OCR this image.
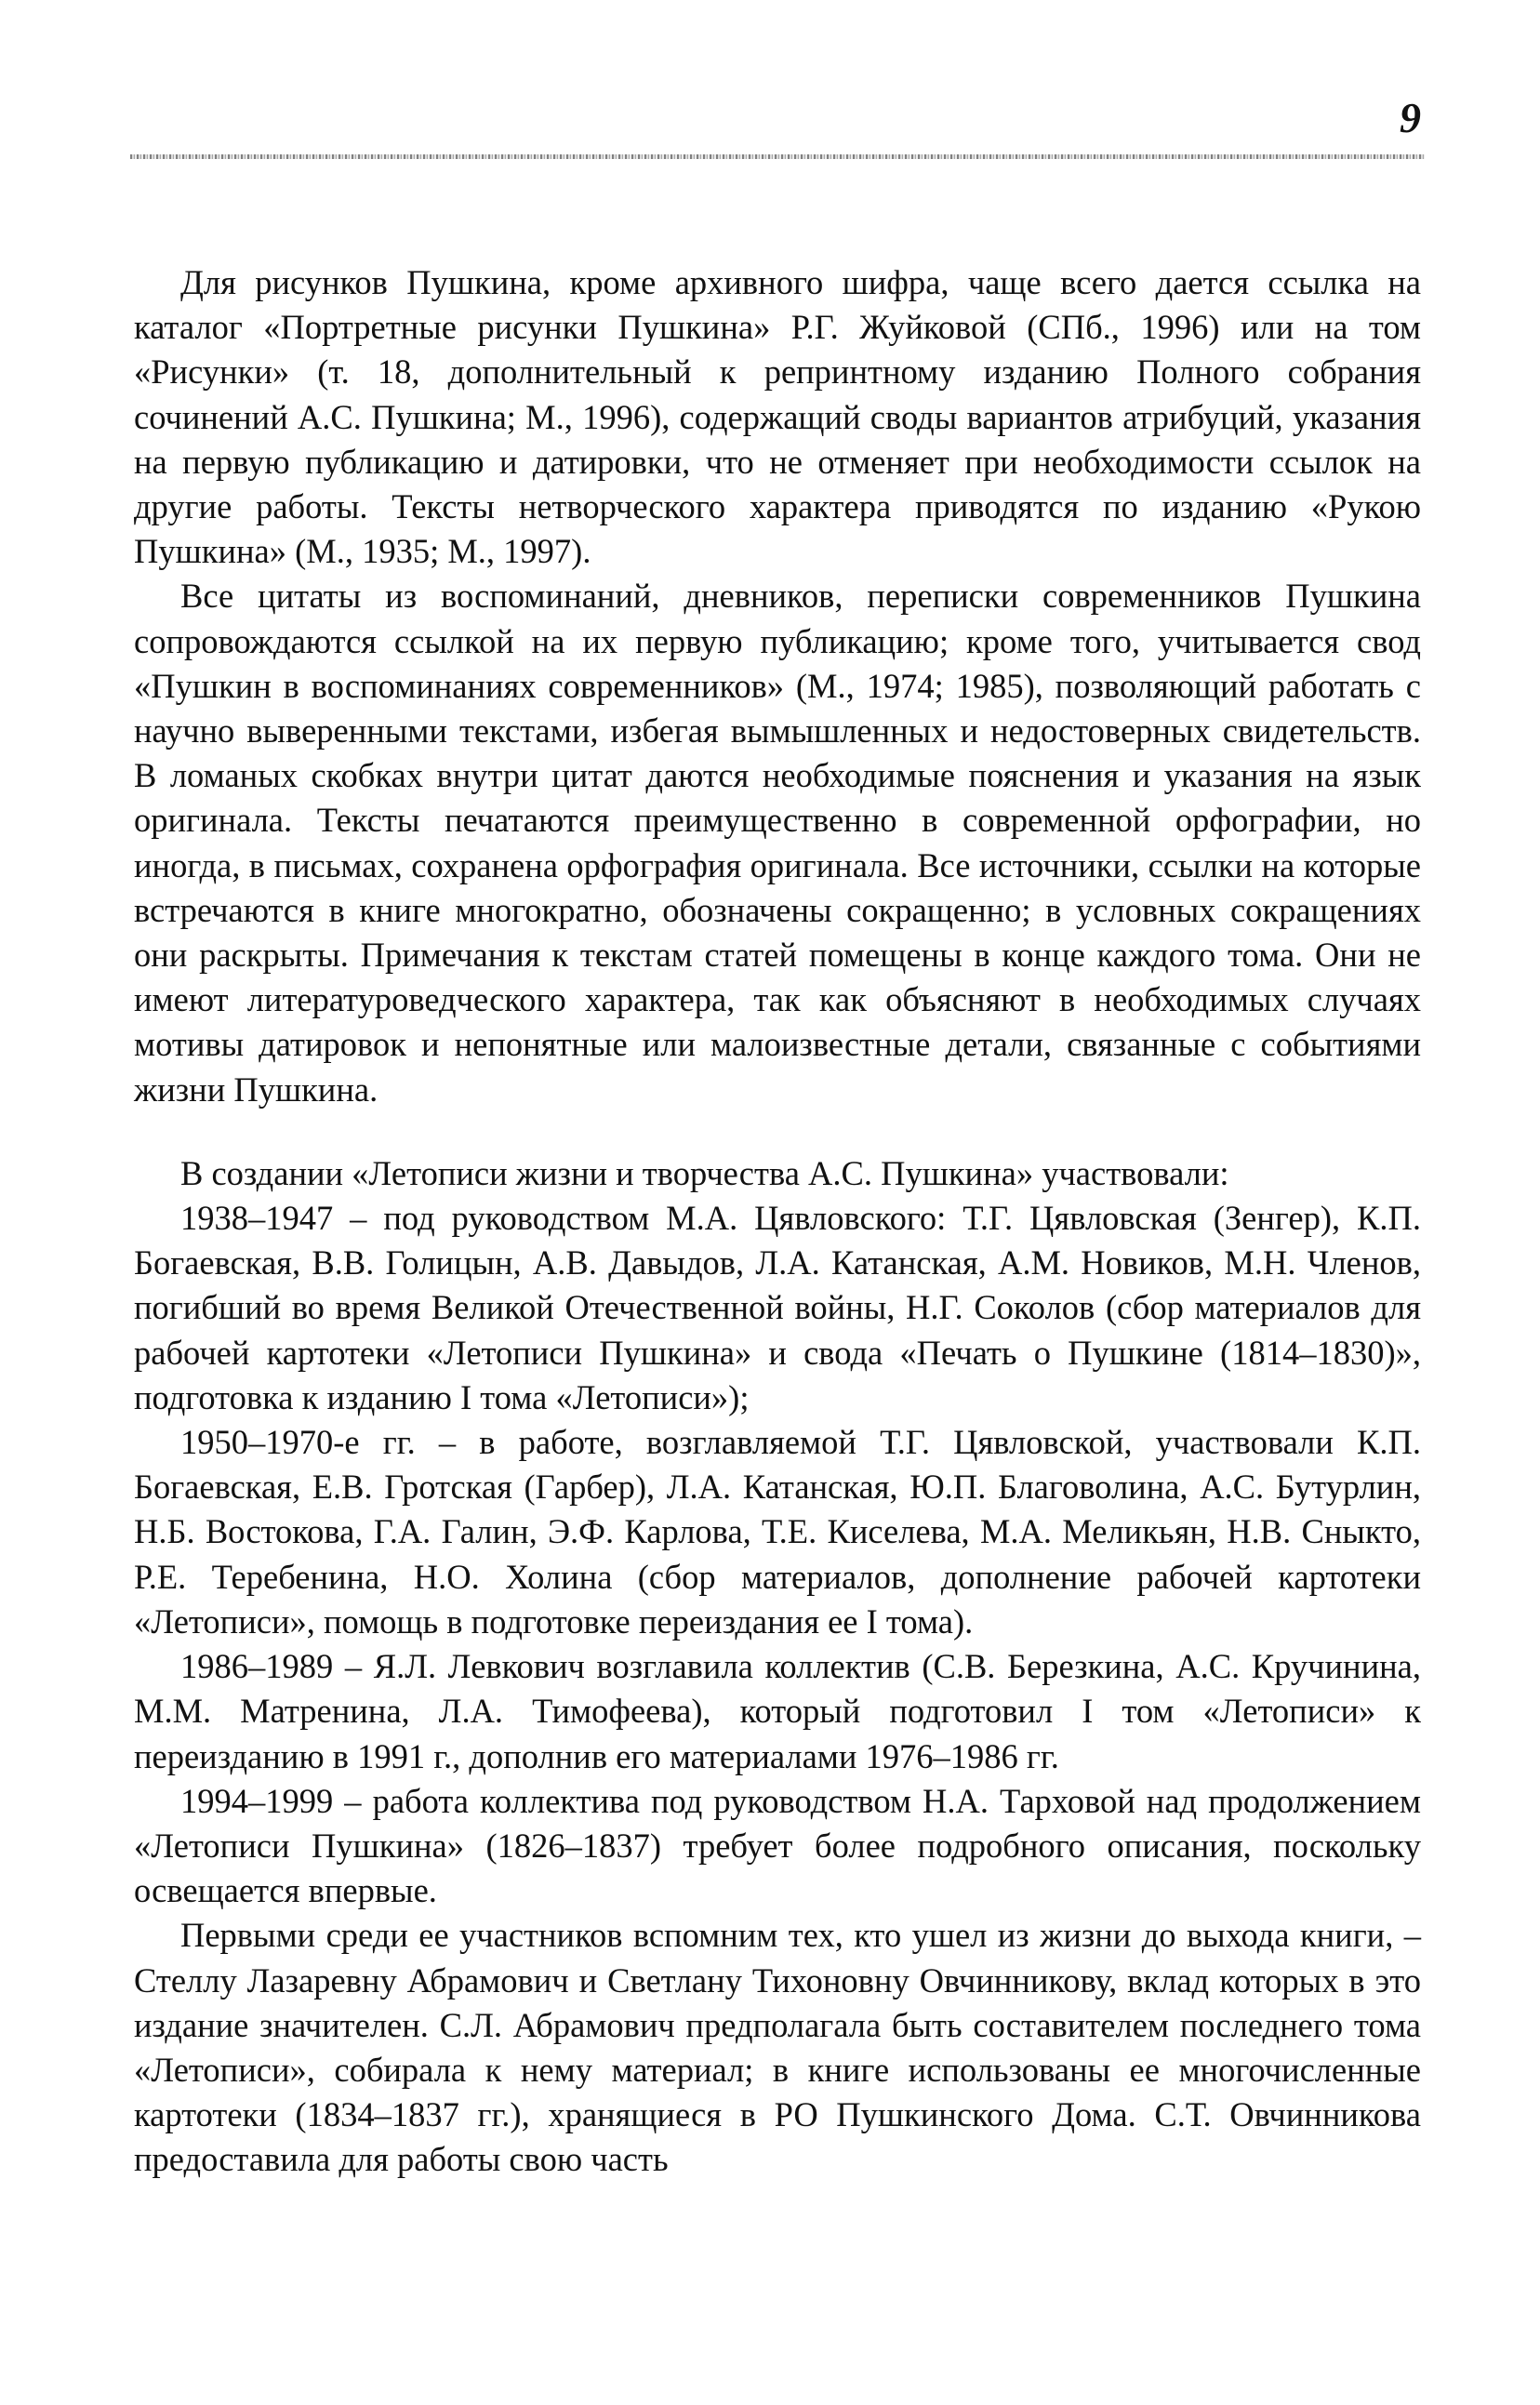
9

Для рисунков Пушкина, кроме архивного шифра, чаще всего дается ссылка на каталог «Портретные рисунки Пушкина» Р.Г. Жуйковой (СПб., 1996) или на том «Рисунки» (т. 18, дополнительный к репринтному изданию Полного собрания сочинений А.С. Пушкина; М., 1996), содержащий своды вариантов атрибуций, указания на первую публикацию и датировки, что не отменяет при необходимости ссылок на другие работы. Тексты нетворческого характера приводятся по изданию «Рукою Пушкина» (М., 1935; М., 1997).

Все цитаты из воспоминаний, дневников, переписки современников Пушкина сопровождаются ссылкой на их первую публикацию; кроме того, учитывается свод «Пушкин в воспоминаниях современников» (М., 1974; 1985), позволяющий работать с научно выверенными текстами, избегая вымышленных и недостоверных свидетельств. В ломаных скобках внутри цитат даются необходимые пояснения и указания на язык оригинала. Тексты печатаются преимущественно в современной орфографии, но иногда, в письмах, сохранена орфография оригинала. Все источники, ссылки на которые встречаются в книге многократно, обозначены сокращенно; в условных сокращениях они раскрыты. Примечания к текстам статей помещены в конце каждого тома. Они не имеют литературоведческого характера, так как объясняют в необходимых случаях мотивы датировок и непонятные или малоизвестные детали, связанные с событиями жизни Пушкина.

В создании «Летописи жизни и творчества А.С. Пушкина» участвовали:

1938–1947 – под руководством М.А. Цявловского: Т.Г. Цявловская (Зенгер), К.П. Богаевская, В.В. Голицын, А.В. Давыдов, Л.А. Катанская, А.М. Новиков, М.Н. Членов, погибший во время Великой Отечественной войны, Н.Г. Соколов (сбор материалов для рабочей картотеки «Летописи Пушкина» и свода «Печать о Пушкине (1814–1830)», подготовка к изданию I тома «Летописи»);

1950–1970-е гг. – в работе, возглавляемой Т.Г. Цявловской, участвовали К.П. Богаевская, Е.В. Гротская (Гарбер), Л.А. Катанская, Ю.П. Благоволина, А.С. Бутурлин, Н.Б. Востокова, Г.А. Галин, Э.Ф. Карлова, Т.Е. Киселева, М.А. Меликьян, Н.В. Сныкто, Р.Е. Теребенина, Н.О. Холина (сбор материалов, дополнение рабочей картотеки «Летописи», помощь в подготовке переиздания ее I тома).

1986–1989 – Я.Л. Левкович возглавила коллектив (С.В. Березкина, А.С. Кручинина, М.М. Матренина, Л.А. Тимофеева), который подготовил I том «Летописи» к переизданию в 1991 г., дополнив его материалами 1976–1986 гг.

1994–1999 – работа коллектива под руководством Н.А. Тарховой над продолжением «Летописи Пушкина» (1826–1837) требует более подробного описания, поскольку освещается впервые.

Первыми среди ее участников вспомним тех, кто ушел из жизни до выхода книги, – Стеллу Лазаревну Абрамович и Светлану Тихоновну Овчинникову, вклад которых в это издание значителен. С.Л. Абрамович предполагала быть составителем последнего тома «Летописи», собирала к нему материал; в книге использованы ее многочисленные картотеки (1834–1837 гг.), хранящиеся в РО Пушкинского Дома. С.Т. Овчинникова предоставила для работы свою часть
